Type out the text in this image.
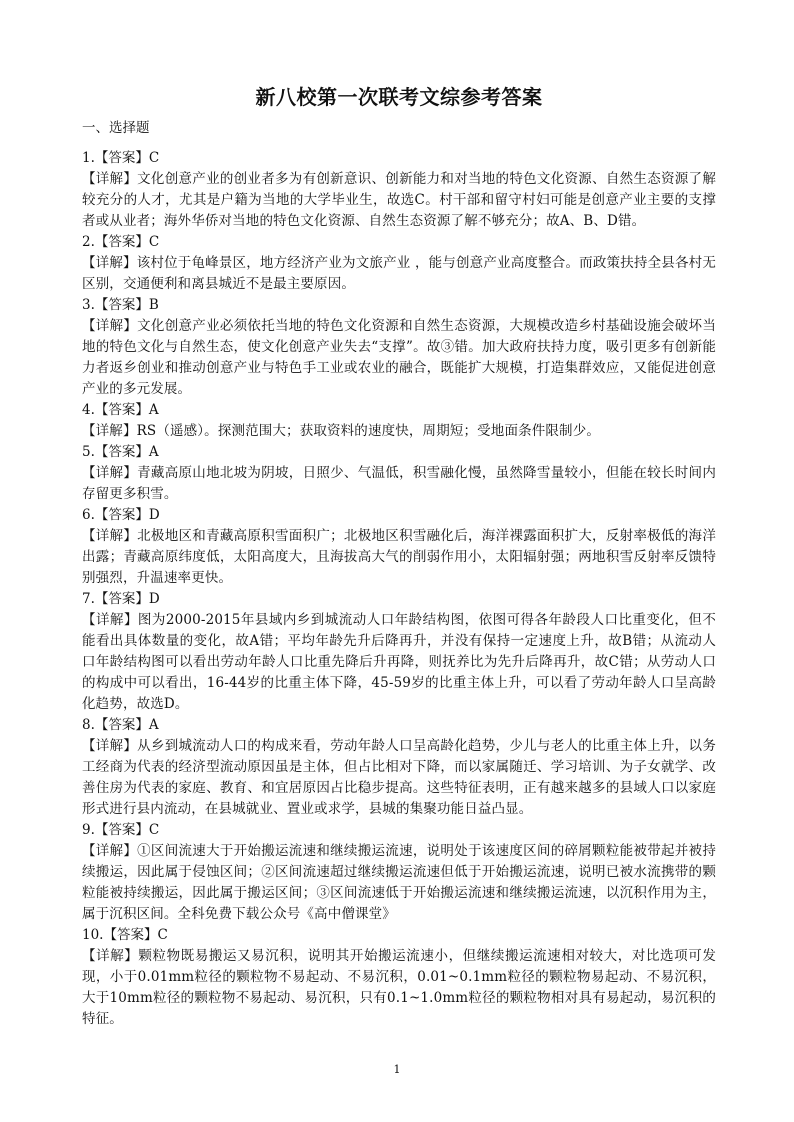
新八校第一次联考文综参考答案

一、选择题

1.【答案】C

【详解】文化创意产业的创业者多为有创新意识、创新能力和对当地的特色文化资源、自然生态资源了解较充分的人才，尤其是户籍为当地的大学毕业生，故选C。村干部和留守村妇可能是创意产业主要的支撑者或从业者；海外华侨对当地的特色文化资源、自然生态资源了解不够充分；故A、B、D错。

2.【答案】C

【详解】该村位于龟峰景区，地方经济产业为文旅产业 ，能与创意产业高度整合。而政策扶持全县各村无区别，交通便利和离县城近不是最主要原因。

3.【答案】B

【详解】文化创意产业必须依托当地的特色文化资源和自然生态资源，大规模改造乡村基础设施会破坏当地的特色文化与自然生态，使文化创意产业失去“支撑”。故③错。加大政府扶持力度，吸引更多有创新能力者返乡创业和推动创意产业与特色手工业或农业的融合，既能扩大规模，打造集群效应，又能促进创意产业的多元发展。

4.【答案】A

【详解】RS（遥感）。探测范围大；获取资料的速度快，周期短；受地面条件限制少。

5.【答案】A

【详解】青藏高原山地北坡为阴坡，日照少、气温低，积雪融化慢，虽然降雪量较小，但能在较长时间内存留更多积雪。

6.【答案】D

【详解】北极地区和青藏高原积雪面积广；北极地区积雪融化后，海洋裸露面积扩大，反射率极低的海洋出露；青藏高原纬度低，太阳高度大，且海拔高大气的削弱作用小，太阳辐射强；两地积雪反射率反馈特别强烈，升温速率更快。

7.【答案】D

【详解】图为2000-2015年县域内乡到城流动人口年龄结构图，依图可得各年龄段人口比重变化，但不能看出具体数量的变化，故A错；平均年龄先升后降再升，并没有保持一定速度上升，故B错；从流动人口年龄结构图可以看出劳动年龄人口比重先降后升再降，则抚养比为先升后降再升，故C错；从劳动人口的构成中可以看出，16-44岁的比重主体下降，45-59岁的比重主体上升，可以看了劳动年龄人口呈高龄化趋势，故选D。

8.【答案】A

【详解】从乡到城流动人口的构成来看，劳动年龄人口呈高龄化趋势，少儿与老人的比重主体上升，以务工经商为代表的经济型流动原因虽是主体，但占比相对下降，而以家属随迁、学习培训、为子女就学、改善住房为代表的家庭、教育、和宜居原因占比稳步提高。这些特征表明，正有越来越多的县域人口以家庭形式进行县内流动，在县城就业、置业或求学，县城的集聚功能日益凸显。

9.【答案】C

【详解】①区间流速大于开始搬运流速和继续搬运流速，说明处于该速度区间的碎屑颗粒能被带起并被持续搬运，因此属于侵蚀区间；②区间流速超过继续搬运流速但低于开始搬运流速，说明已被水流携带的颗粒能被持续搬运，因此属于搬运区间；③区间流速低于开始搬运流速和继续搬运流速，以沉积作用为主，属于沉积区间。全科免费下载公众号《高中僧课堂》

10.【答案】C

【详解】颗粒物既易搬运又易沉积，说明其开始搬运流速小，但继续搬运流速相对较大，对比选项可发现，小于0.01mm粒径的颗粒物不易起动、不易沉积，0.01~0.1mm粒径的颗粒物易起动、不易沉积，大于10mm粒径的颗粒物不易起动、易沉积，只有0.1~1.0mm粒径的颗粒物相对具有易起动，易沉积的特征。

1
